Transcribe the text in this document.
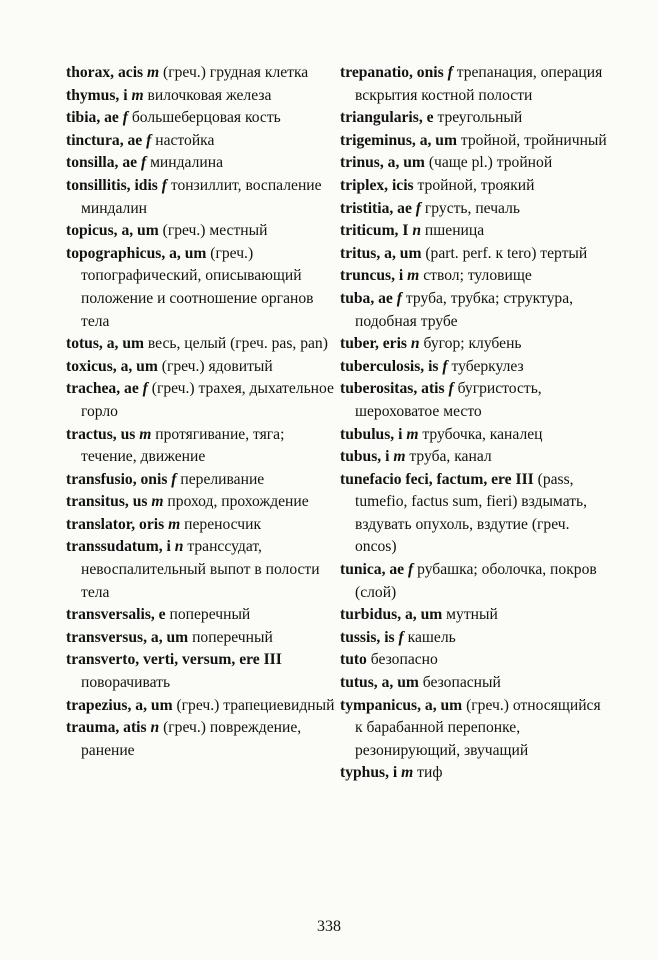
thorax, acis m (греч.) грудная клетка
thymus, i m вилочковая железа
tibia, ae f большеберцовая кость
tinctura, ae f настойка
tonsilla, ae f миндалина
tonsillitis, idis f тонзиллит, воспаление миндалин
topicus, a, um (греч.) местный
topographicus, a, um (греч.) топографический, описывающий положение и соотношение органов тела
totus, a, um весь, целый (греч. pas, pan)
toxicus, a, um (греч.) ядовитый
trachea, ae f (греч.) трахея, дыхательное горло
tractus, us m протягивание, тяга; течение, движение
transfusio, onis f переливание
transitus, us m проход, прохождение
translator, oris m переносчик
transsudatum, i n транссудат, невоспалительный выпот в полости тела
transversalis, e поперечный
transversus, a, um поперечный
transverto, verti, versum, ere III поворачивать
trapezius, a, um (греч.) трапециевидный
trauma, atis n (греч.) повреждение, ранение
trepanatio, onis f трепанация, операция вскрытия костной полости
triangularis, e треугольный
trigeminus, a, um тройной, тройничный
trinus, a, um (чаще pl.) тройной
triplex, icis тройной, троякий
tristitia, ae f грусть, печаль
triticum, I n пшеница
tritus, a, um (part. perf. к tero) тертый
truncus, i m ствол; туловище
tuba, ae f труба, трубка; структура, подобная трубе
tuber, eris n бугор; клубень
tuberculosis, is f туберкулез
tuberositas, atis f бугристость, шероховатое место
tubulus, i m трубочка, каналец
tubus, i m труба, канал
tunefacio feci, factum, ere III (pass, tumefio, factus sum, fieri) вздымать, вздувать опухоль, вздутие (греч. oncos)
tunica, ae f рубашка; оболочка, покров (слой)
turbidus, a, um мутный
tussis, is f кашель
tuto безопасно
tutus, a, um безопасный
tympanicus, a, um (греч.) относящийся к барабанной перепонке, резонирующий, звучащий
typhus, i m тиф
338
